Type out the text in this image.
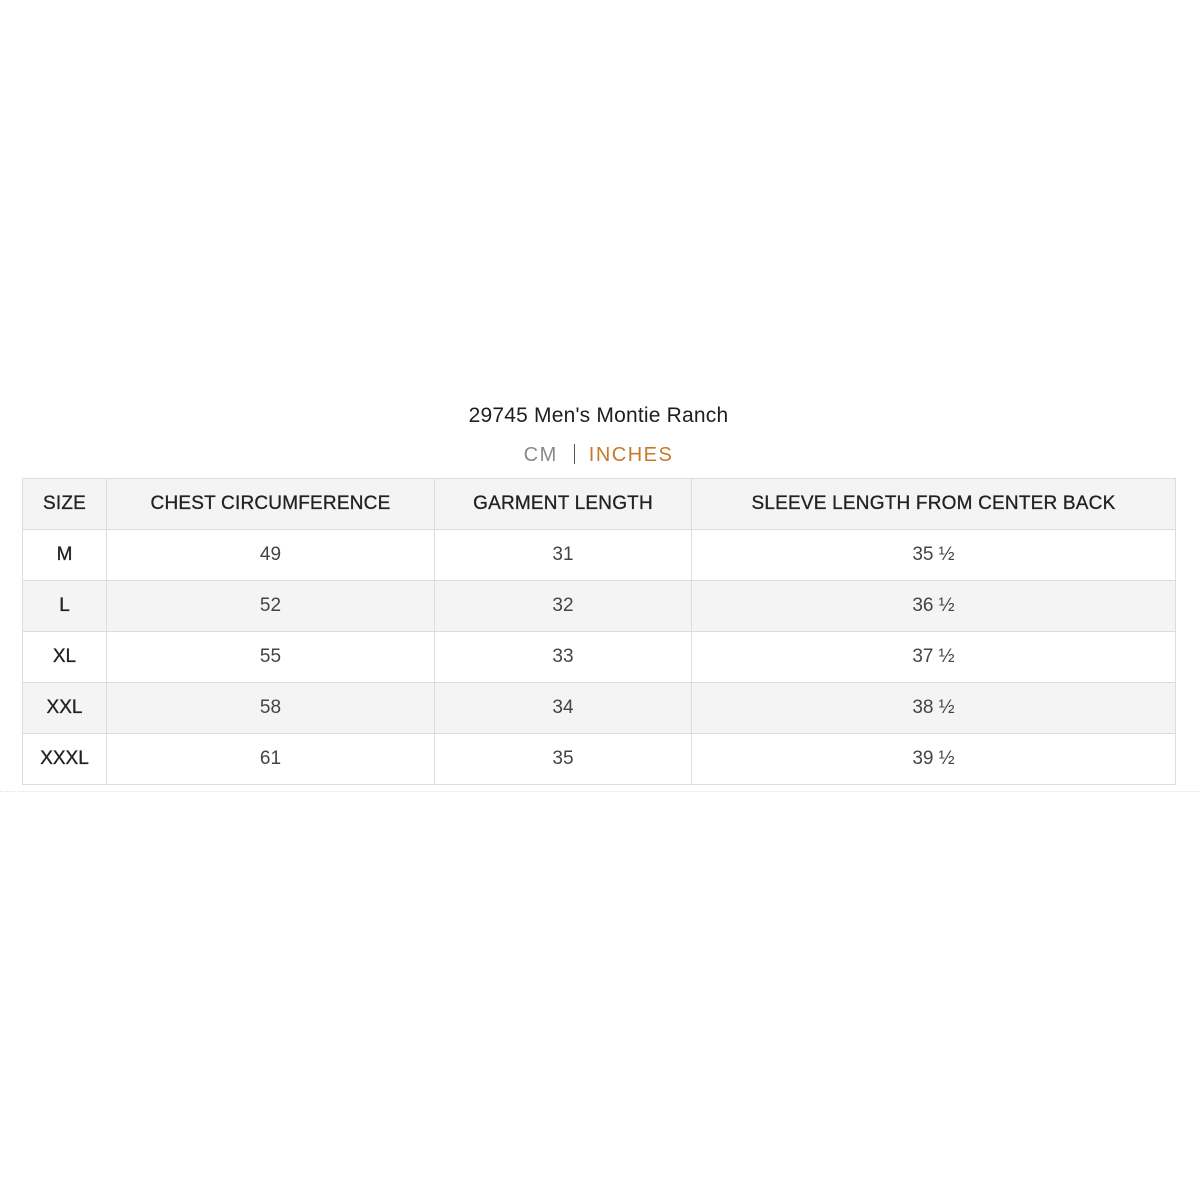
29745 Men's Montie Ranch
CM INCHES
SIZE	CHEST CIRCUMFERENCE	GARMENT LENGTH	SLEEVE LENGTH FROM CENTER BACK
M	49	31	35 ½
L	52	32	36 ½
XL	55	33	37 ½
XXL	58	34	38 ½
XXXL	61	35	39 ½
